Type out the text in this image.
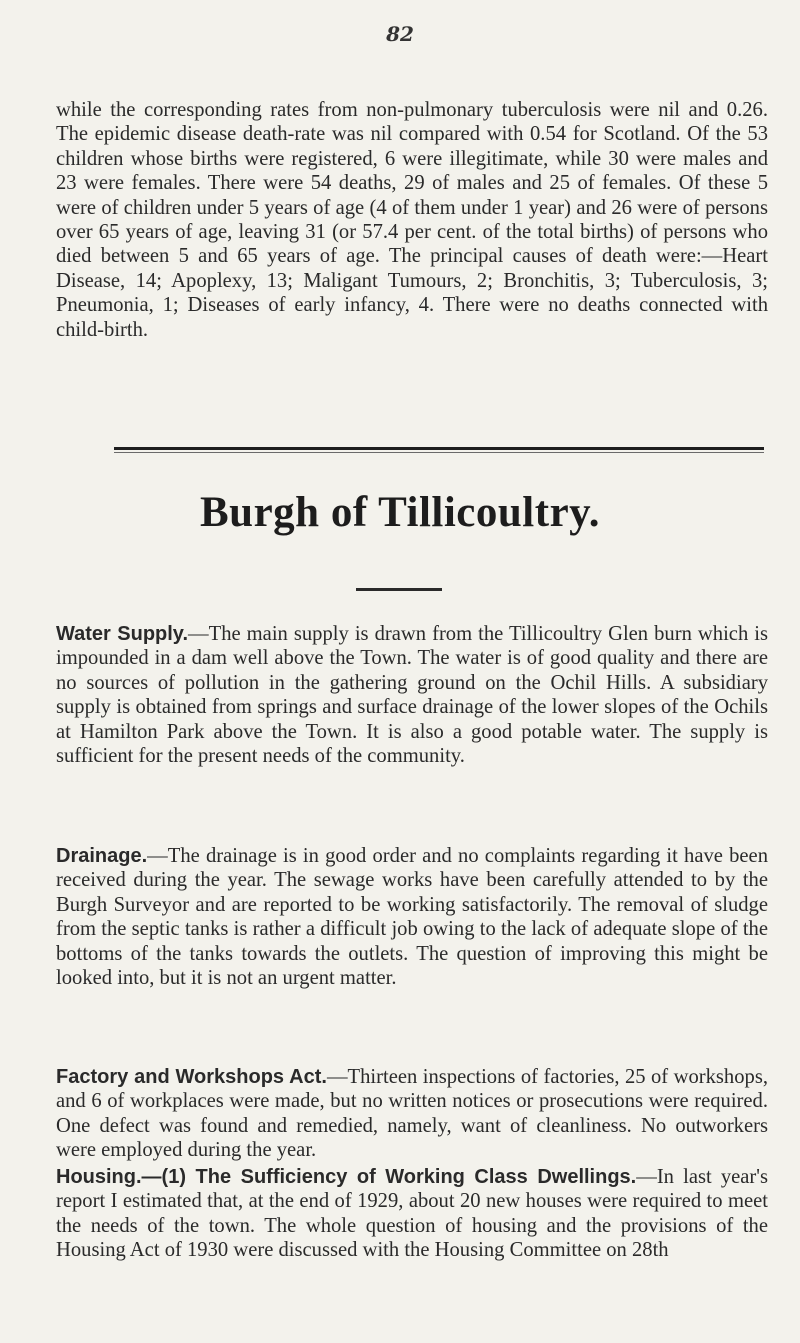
82

while the corresponding rates from non-pulmonary tuberculosis were nil and 0.26. The epidemic disease death-rate was nil compared with 0.54 for Scotland. Of the 53 children whose births were registered, 6 were illegitimate, while 30 were males and 23 were females. There were 54 deaths, 29 of males and 25 of females. Of these 5 were of children under 5 years of age (4 of them under 1 year) and 26 were of persons over 65 years of age, leaving 31 (or 57.4 per cent. of the total births) of persons who died between 5 and 65 years of age. The principal causes of death were:—Heart Disease, 14; Apoplexy, 13; Maligant Tumours, 2; Bronchitis, 3; Tuberculosis, 3; Pneumonia, 1; Diseases of early infancy, 4. There were no deaths connected with child-birth.

Burgh of Tillicoultry.

Water Supply.—The main supply is drawn from the Tillicoultry Glen burn which is impounded in a dam well above the Town. The water is of good quality and there are no sources of pollution in the gathering ground on the Ochil Hills. A subsidiary supply is obtained from springs and surface drainage of the lower slopes of the Ochils at Hamilton Park above the Town. It is also a good potable water. The supply is sufficient for the present needs of the community.

Drainage.—The drainage is in good order and no complaints regarding it have been received during the year. The sewage works have been carefully attended to by the Burgh Surveyor and are reported to be working satisfactorily. The removal of sludge from the septic tanks is rather a difficult job owing to the lack of adequate slope of the bottoms of the tanks towards the outlets. The question of improving this might be looked into, but it is not an urgent matter.

Factory and Workshops Act.—Thirteen inspections of factories, 25 of workshops, and 6 of workplaces were made, but no written notices or prosecutions were required. One defect was found and remedied, namely, want of cleanliness. No outworkers were employed during the year.

Housing.—(1) The Sufficiency of Working Class Dwellings.—In last year's report I estimated that, at the end of 1929, about 20 new houses were required to meet the needs of the town. The whole question of housing and the provisions of the Housing Act of 1930 were discussed with the Housing Committee on 28th
